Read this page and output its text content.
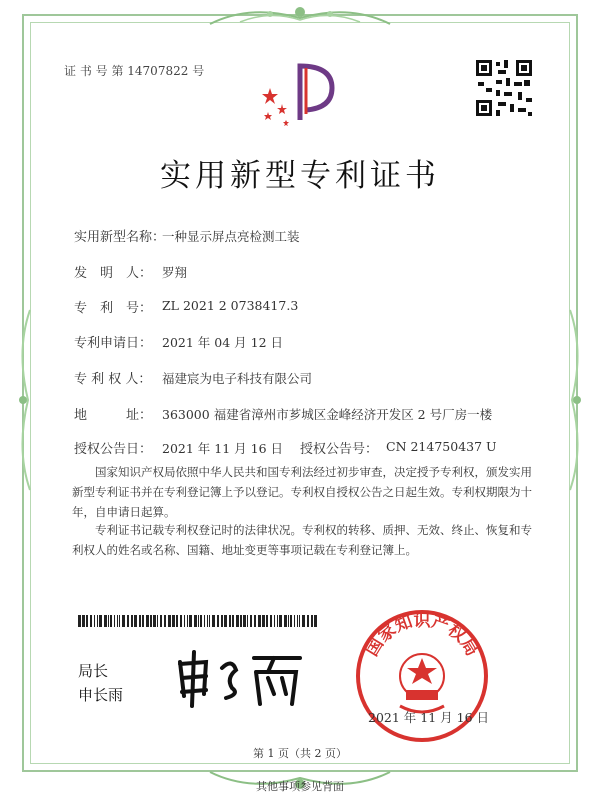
证 书 号 第 14707822 号
实用新型专利证书
实用新型名称：
一种显示屏点亮检测工装
发　明　人： 罗翔
专　利　号： ZL 2021 2 0738417.3
专利申请日： 2021 年 04 月 12 日
专 利 权 人： 福建宸为电子科技有限公司
地　　　址： 363000 福建省漳州市芗城区金峰经济开发区 2 号厂房一楼
授权公告日： 2021 年 11 月 16 日 授权公告号： CN 214750437 U
国家知识产权局依照中华人民共和国专利法经过初步审查，决定授予专利权，颁发实用新型专利证书并在专利登记簿上予以登记。专利权自授权公告之日起生效。专利权期限为十年，自申请日起算。
专利证书记载专利权登记时的法律状况。专利权的转移、质押、无效、终止、恢复和专利权人的姓名或名称、国籍、地址变更等事项记载在专利登记簿上。
局长
申长雨
国家知识产权局
2021 年 11 月 16 日
第 1 页（共 2 页）
其他事项参见背面
